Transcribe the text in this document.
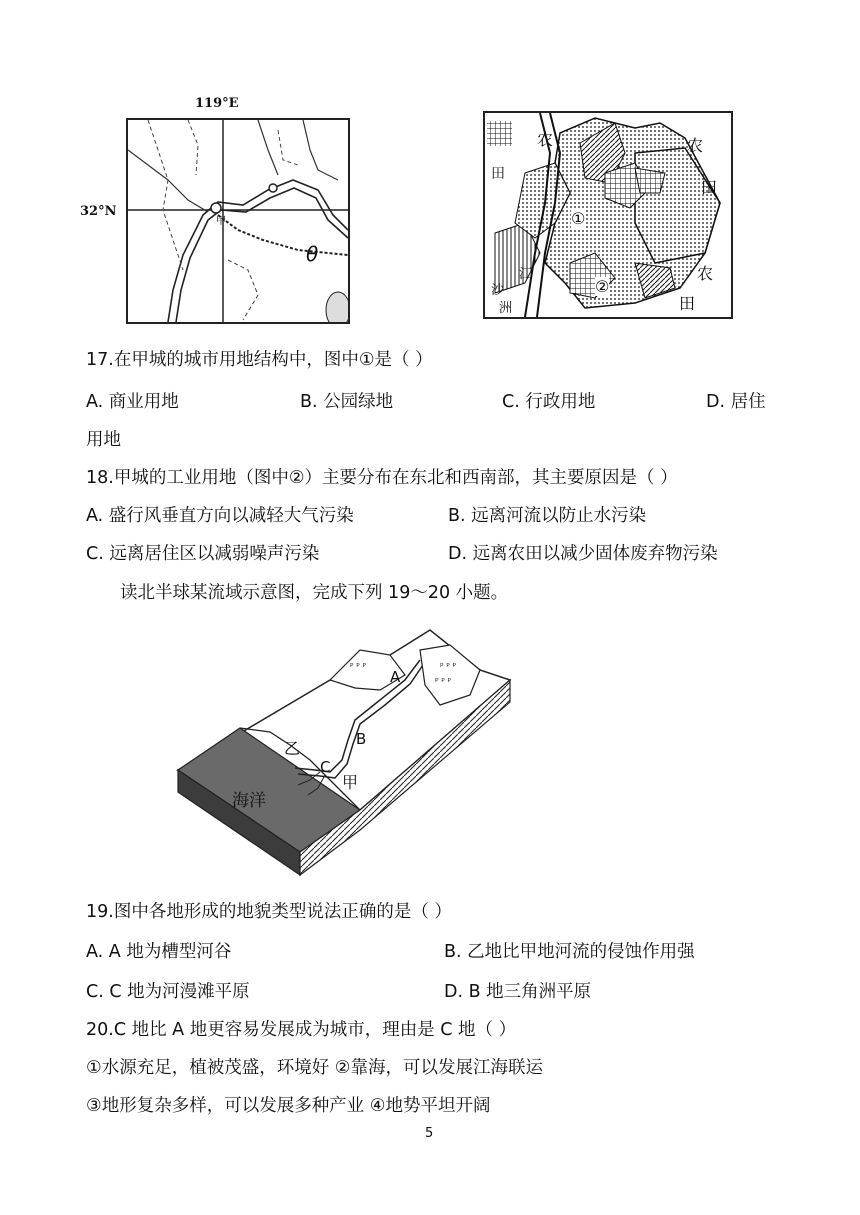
119°E
32°N
甲
θ
农
田
农
田
农
田
江
沙
洲
①
②
17.在甲城的城市用地结构中，图中①是（ ）
A. 商业用地	B. 公园绿地	C. 行政用地	D. 居住
用地
18.甲城的工业用地（图中②）主要分布在东北和西南部，其主要原因是（ ）
A. 盛行风垂直方向以减轻大气污染	B. 远离河流以防止水污染
C. 远离居住区以减弱噪声污染	D. 远离农田以减少固体废弃物污染
读北半球某流域示意图，完成下列 19～20 小题。
ᴾ ᴾ ᴾ	ᴾ ᴾ ᴾ
ᴾ ᴾ ᴾ
A
B
C
乙
甲
海洋
19.图中各地形成的地貌类型说法正确的是（ ）
A. A 地为槽型河谷	B. 乙地比甲地河流的侵蚀作用强
C. C 地为河漫滩平原	D. B 地三角洲平原
20.C 地比 A 地更容易发展成为城市，理由是 C 地（ ）
①水源充足，植被茂盛，环境好 ②靠海，可以发展江海联运
③地形复杂多样，可以发展多种产业 ④地势平坦开阔
5
